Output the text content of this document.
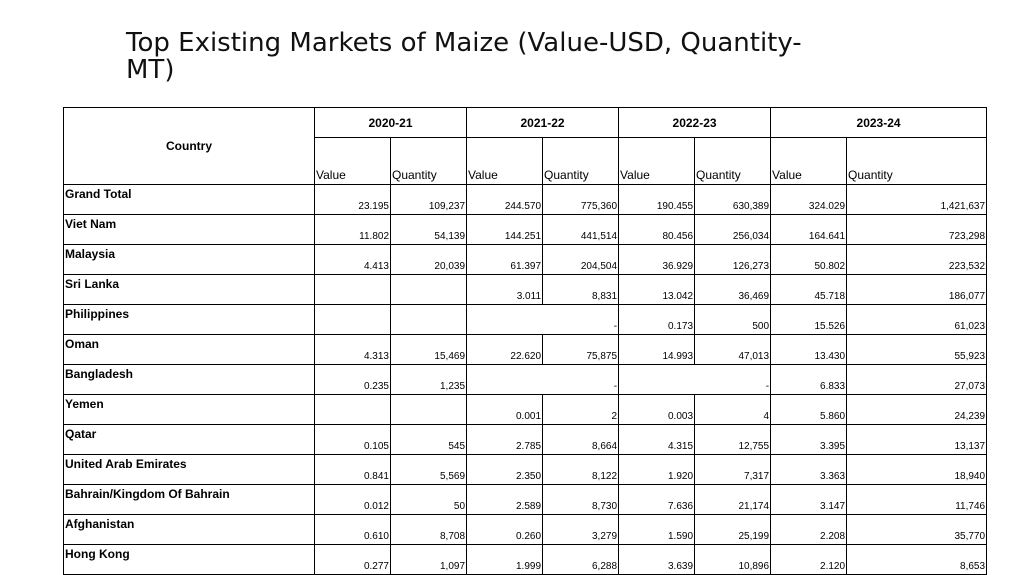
Top Existing Markets of Maize (Value-USD, Quantity-MT)
Country	2020-21		2021-22		2022-23		2023-24	
	Value	Quantity	Value	Quantity	Value	Quantity	Value	Quantity
Grand Total	23.195	109,237	244.570	775,360	190.455	630,389	324.029	1,421,637
Viet Nam	11.802	54,139	144.251	441,514	80.456	256,034	164.641	723,298
Malaysia	4.413	20,039	61.397	204,504	36.929	126,273	50.802	223,532
Sri Lanka			3.011	8,831	13.042	36,469	45.718	186,077
Philippines				-	0.173	500	15.526	61,023
Oman	4.313	15,469	22.620	75,875	14.993	47,013	13.430	55,923
Bangladesh	0.235	1,235		-		-	6.833	27,073
Yemen			0.001	2	0.003	4	5.860	24,239
Qatar	0.105	545	2.785	8,664	4.315	12,755	3.395	13,137
United Arab Emirates	0.841	5,569	2.350	8,122	1.920	7,317	3.363	18,940
Bahrain/Kingdom Of Bahrain	0.012	50	2.589	8,730	7.636	21,174	3.147	11,746
Afghanistan	0.610	8,708	0.260	3,279	1.590	25,199	2.208	35,770
Hong Kong	0.277	1,097	1.999	6,288	3.639	10,896	2.120	8,653
